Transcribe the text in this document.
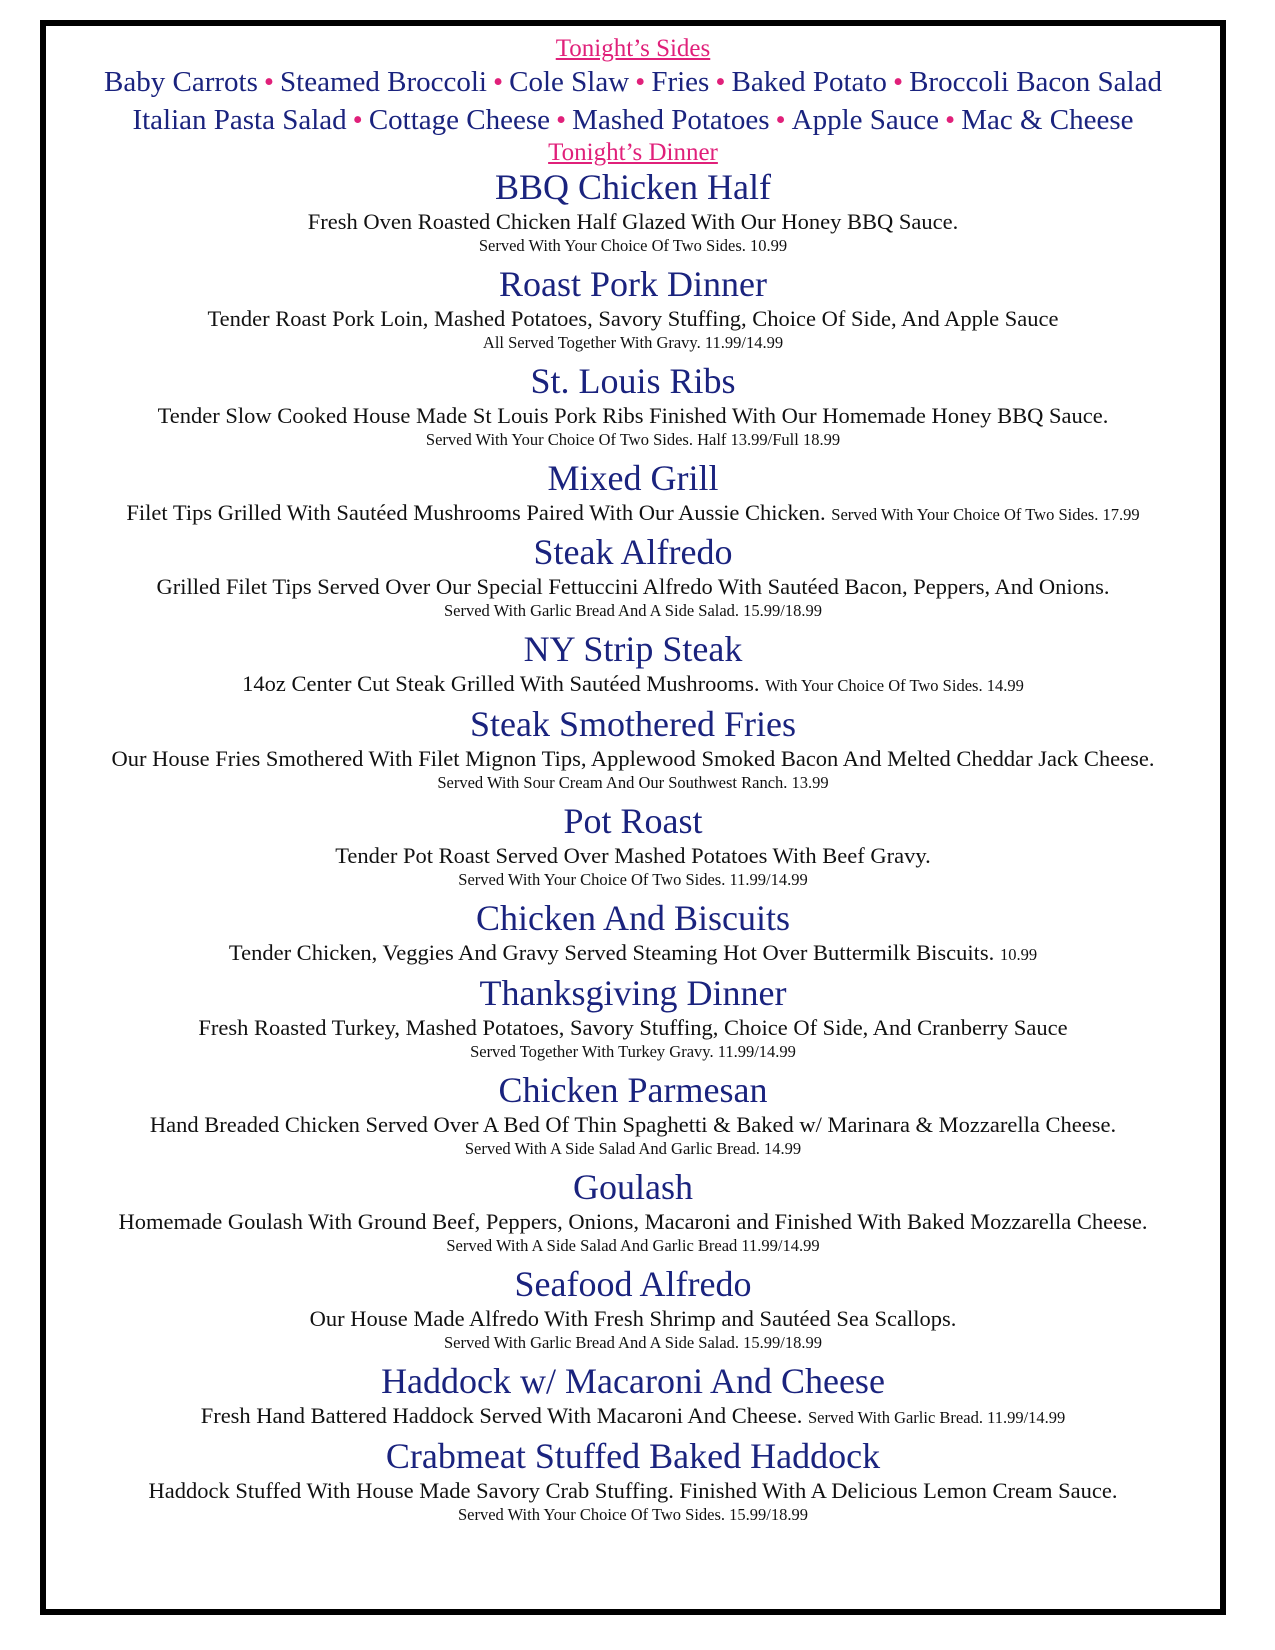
Tonight’s Sides
Baby Carrots • Steamed Broccoli • Cole Slaw • Fries • Baked Potato • Broccoli Bacon Salad
Italian Pasta Salad • Cottage Cheese • Mashed Potatoes • Apple Sauce • Mac & Cheese
Tonight’s Dinner
BBQ Chicken Half
Fresh Oven Roasted Chicken Half Glazed With Our Honey BBQ Sauce.
Served With Your Choice Of Two Sides. 10.99
Roast Pork Dinner
Tender Roast Pork Loin, Mashed Potatoes, Savory Stuffing, Choice Of Side, And Apple Sauce
All Served Together With Gravy. 11.99/14.99
St. Louis Ribs
Tender Slow Cooked House Made St Louis Pork Ribs Finished With Our Homemade Honey BBQ Sauce.
Served With Your Choice Of Two Sides. Half 13.99/Full 18.99
Mixed Grill
Filet Tips Grilled With Sautéed Mushrooms Paired With Our Aussie Chicken. Served With Your Choice Of Two Sides. 17.99
Steak Alfredo
Grilled Filet Tips Served Over Our Special Fettuccini Alfredo With Sautéed Bacon, Peppers, And Onions.
Served With Garlic Bread And A Side Salad. 15.99/18.99
NY Strip Steak
14oz Center Cut Steak Grilled With Sautéed Mushrooms. With Your Choice Of Two Sides. 14.99
Steak Smothered Fries
Our House Fries Smothered With Filet Mignon Tips, Applewood Smoked Bacon And Melted Cheddar Jack Cheese.
Served With Sour Cream And Our Southwest Ranch. 13.99
Pot Roast
Tender Pot Roast Served Over Mashed Potatoes With Beef Gravy.
Served With Your Choice Of Two Sides. 11.99/14.99
Chicken And Biscuits
Tender Chicken, Veggies And Gravy Served Steaming Hot Over Buttermilk Biscuits. 10.99
Thanksgiving Dinner
Fresh Roasted Turkey, Mashed Potatoes, Savory Stuffing, Choice Of Side, And Cranberry Sauce
Served Together With Turkey Gravy. 11.99/14.99
Chicken Parmesan
Hand Breaded Chicken Served Over A Bed Of Thin Spaghetti & Baked w/ Marinara & Mozzarella Cheese.
Served With A Side Salad And Garlic Bread. 14.99
Goulash
Homemade Goulash With Ground Beef, Peppers, Onions, Macaroni and Finished With Baked Mozzarella Cheese.
Served With A Side Salad And Garlic Bread 11.99/14.99
Seafood Alfredo
Our House Made Alfredo With Fresh Shrimp and Sautéed Sea Scallops.
Served With Garlic Bread And A Side Salad. 15.99/18.99
Haddock w/ Macaroni And Cheese
Fresh Hand Battered Haddock Served With Macaroni And Cheese. Served With Garlic Bread. 11.99/14.99
Crabmeat Stuffed Baked Haddock
Haddock Stuffed With House Made Savory Crab Stuffing. Finished With A Delicious Lemon Cream Sauce.
Served With Your Choice Of Two Sides. 15.99/18.99
